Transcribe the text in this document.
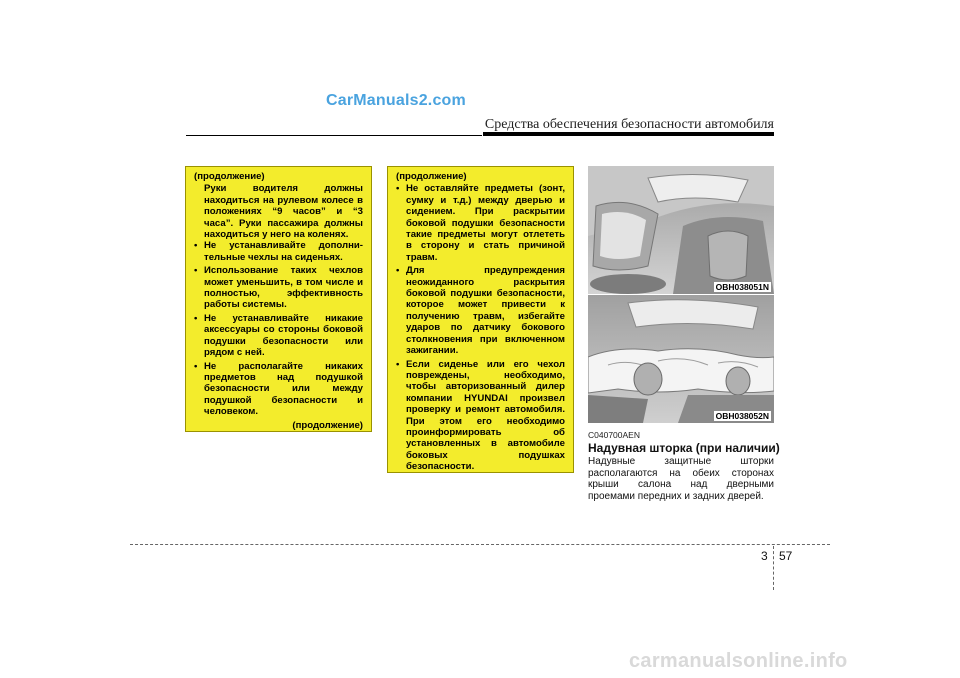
CarManuals2.com
Средства обеспечения безопасности автомобиля
(продолжение)
Руки водителя должны находиться на рулевом колесе в положениях “9 часов” и “3 часа”. Руки пассажира должны находиться у него на коленях.
• Не устанавливайте дополни-тельные чехлы на сиденьях.
• Использование таких чехлов может уменьшить, в том числе и полностью, эффективность работы системы.
• Не устанавливайте никакие аксессуары со стороны боковой подушки безопасности или рядом с ней.
• Не располагайте никаких предметов над подушкой безопасности или между подушкой безопасности и человеком.
(продолжение)
(продолжение)
• Не оставляйте предметы (зонт, сумку и т.д.) между дверью и сидением. При раскрытии боковой подушки безопасности такие предметы могут отлететь в сторону и стать причиной травм.
• Для предупреждения неожиданного раскрытия боковой подушки безопасности, которое может привести к получению травм, избегайте ударов по датчику бокового столкновения при включенном зажигании.
• Если сиденье или его чехол повреждены, необходимо, чтобы авторизованный дилер компании HYUNDAI произвел проверку и ремонт автомобиля. При этом его необходимо проинформировать об установленных в автомобиле боковых подушках безопасности.
OBH038051N
OBH038052N
C040700AEN
Надувная шторка (при наличии)
Надувные защитные шторки располагаются на обеих сторонах крыши салона над дверными проемами передних и задних дверей.
3 57
carmanualsonline.info
